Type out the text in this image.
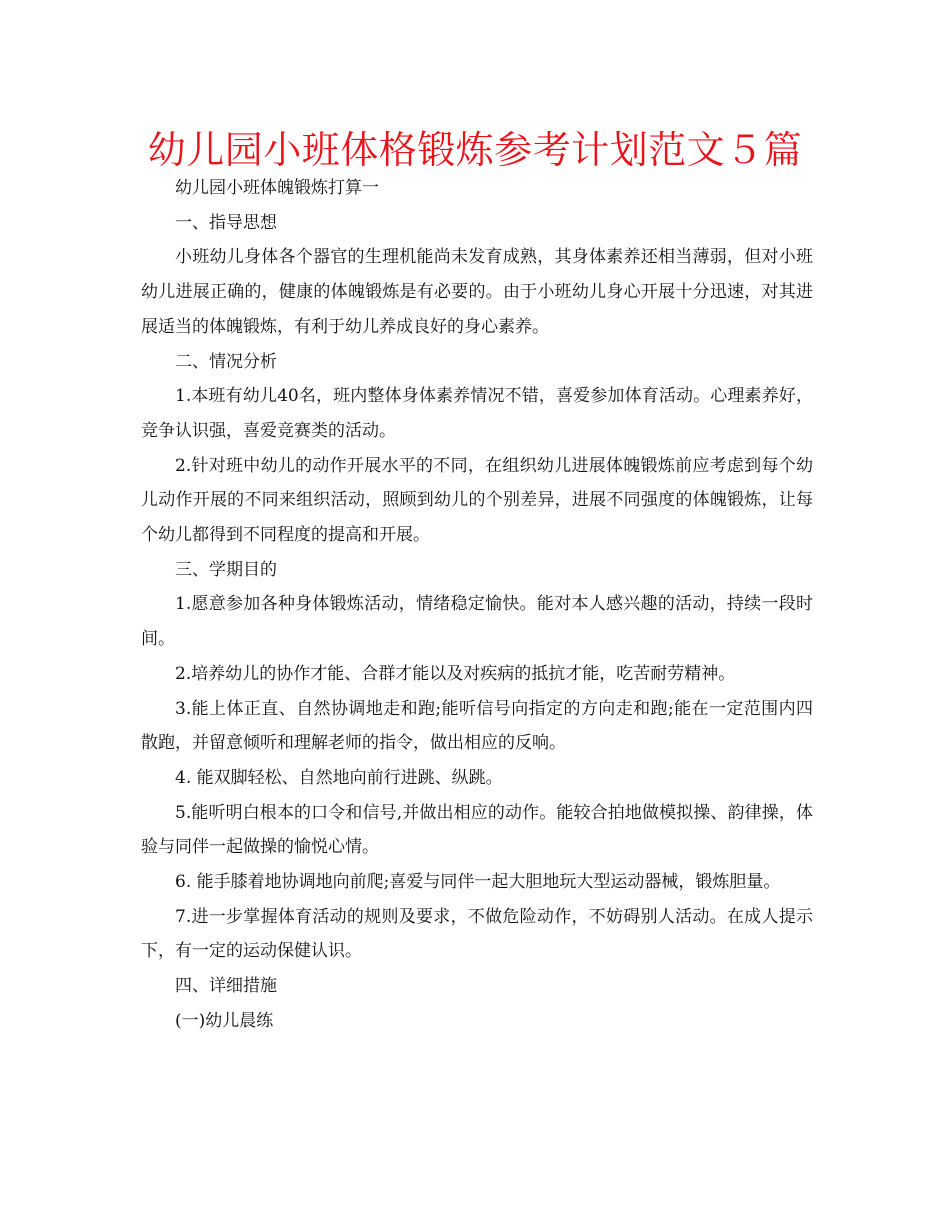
幼儿园小班体格锻炼参考计划范文５篇

幼儿园小班体魄锻炼打算一

一、指导思想

小班幼儿身体各个器官的生理机能尚未发育成熟，其身体素养还相当薄弱，但对小班幼儿进展正确的，健康的体魄锻炼是有必要的。由于小班幼儿身心开展十分迅速，对其进展适当的体魄锻炼，有利于幼儿养成良好的身心素养。

二、情况分析

1.本班有幼儿40名，班内整体身体素养情况不错，喜爱参加体育活动。心理素养好，竞争认识强，喜爱竞赛类的活动。

2.针对班中幼儿的动作开展水平的不同，在组织幼儿进展体魄锻炼前应考虑到每个幼儿动作开展的不同来组织活动，照顾到幼儿的个别差异，进展不同强度的体魄锻炼，让每个幼儿都得到不同程度的提高和开展。

三、学期目的

1.愿意参加各种身体锻炼活动，情绪稳定愉快。能对本人感兴趣的活动，持续一段时间。

2.培养幼儿的协作才能、合群才能以及对疾病的抵抗才能，吃苦耐劳精神。

3.能上体正直、自然协调地走和跑;能听信号向指定的方向走和跑;能在一定范围内四散跑，并留意倾听和理解老师的指令，做出相应的反响。

4. 能双脚轻松、自然地向前行进跳、纵跳。

5.能听明白根本的口令和信号,并做出相应的动作。能较合拍地做模拟操、韵律操，体验与同伴一起做操的愉悦心情。

6. 能手膝着地协调地向前爬;喜爱与同伴一起大胆地玩大型运动器械，锻炼胆量。

7.进一步掌握体育活动的规则及要求，不做危险动作，不妨碍别人活动。在成人提示下，有一定的运动保健认识。

四、详细措施

(一)幼儿晨练
